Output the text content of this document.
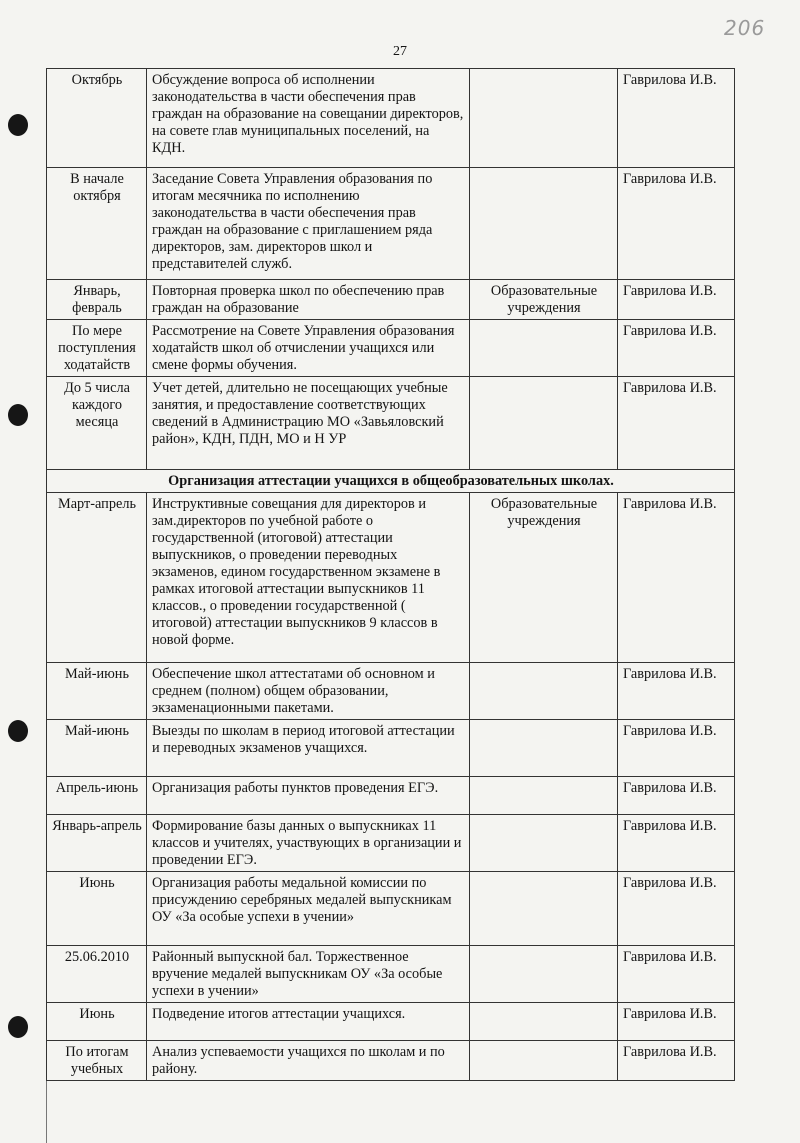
27
206
Октябрь	Обсуждение вопроса об исполнении законодательства в части обеспечения прав граждан на образование на совещании директоров, на совете глав муниципальных поселений, на КДН.		Гаврилова И.В.
В начале октября	Заседание Совета Управления образования по итогам месячника по исполнению законодательства в части обеспечения прав граждан на образование с приглашением ряда директоров, зам. директоров школ и представителей служб.		Гаврилова И.В.
Январь, февраль	Повторная проверка школ по обеспечению прав граждан на образование	Образовательные учреждения	Гаврилова И.В.
По мере поступления ходатайств	Рассмотрение на Совете Управления образования ходатайств школ об отчислении учащихся или смене формы обучения.		Гаврилова И.В.
До 5 числа каждого месяца	Учет детей, длительно не посещающих учебные занятия, и предоставление соответствующих сведений в Администрацию МО «Завьяловский район», КДН, ПДН, МО и Н УР		Гаврилова И.В.
Организация аттестации учащихся в общеобразовательных школах.			
Март-апрель	Инструктивные совещания для директоров и зам.директоров по учебной работе о государственной (итоговой) аттестации выпускников, о проведении переводных экзаменов, едином государственном экзамене в рамках итоговой аттестации выпускников 11 классов., о проведении государственной ( итоговой) аттестации выпускников 9 классов в новой форме.	Образовательные учреждения	Гаврилова И.В.
Май-июнь	Обеспечение школ аттестатами об основном и среднем (полном) общем образовании, экзаменационными пакетами.		Гаврилова И.В.
Май-июнь	Выезды по школам в период итоговой аттестации и переводных экзаменов учащихся.		Гаврилова И.В.
Апрель-июнь	Организация работы пунктов проведения ЕГЭ.		Гаврилова И.В.
Январь-апрель	Формирование базы данных о выпускниках 11 классов и учителях, участвующих в организации и проведении ЕГЭ.		Гаврилова И.В.
Июнь	Организация работы медальной комиссии по присуждению серебряных медалей выпускникам ОУ «За особые успехи в учении»		Гаврилова И.В.
25.06.2010	Районный выпускной бал. Торжественное вручение медалей выпускникам ОУ «За особые успехи в учении»		Гаврилова И.В.
Июнь	Подведение итогов аттестации учащихся.		Гаврилова И.В.
По итогам учебных	Анализ успеваемости учащихся по школам и по району.		Гаврилова И.В.
